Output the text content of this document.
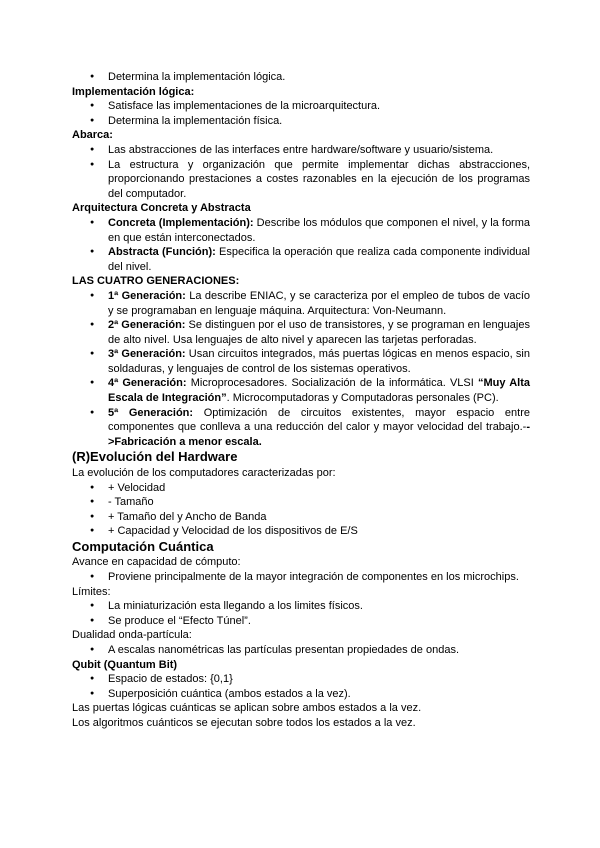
● Determina la implementación lógica.
Implementación lógica:
● Satisface las implementaciones de la microarquitectura.
● Determina la implementación física.
Abarca:
● Las abstracciones de las interfaces entre hardware/software y usuario/sistema.
● La estructura y organización que permite implementar dichas abstracciones, proporcionando prestaciones a costes razonables en la ejecución de los programas del computador.
Arquitectura Concreta y Abstracta
● Concreta (Implementación): Describe los módulos que componen el nivel, y la forma en que están interconectados.
● Abstracta (Función): Especifica la operación que realiza cada componente individual del nivel.
LAS CUATRO GENERACIONES:
● 1ª Generación: La describe ENIAC, y se caracteriza por el empleo de tubos de vacío y se programaban en lenguaje máquina. Arquitectura: Von-Neumann.
● 2ª Generación: Se distinguen por el uso de transistores, y se programan en lenguajes de alto nivel. Usa lenguajes de alto nivel y aparecen las tarjetas perforadas.
● 3ª Generación: Usan circuitos integrados, más puertas lógicas en menos espacio, sin soldaduras, y lenguajes de control de los sistemas operativos.
● 4ª Generación: Microprocesadores. Socialización de la informática. VLSI “Muy Alta Escala de Integración”. Microcomputadoras y Computadoras personales (PC).
● 5ª Generación: Optimización de circuitos existentes, mayor espacio entre componentes que conlleva a una reducción del calor y mayor velocidad del trabajo.-->Fabricación a menor escala.
(R)Evolución del Hardware
La evolución de los computadores caracterizadas por:
● + Velocidad
● - Tamaño
● + Tamaño del y Ancho de Banda
● + Capacidad y Velocidad de los dispositivos de E/S
Computación Cuántica
Avance en capacidad de cómputo:
● Proviene principalmente de la mayor integración de componentes en los microchips.
Límites:
● La miniaturización esta llegando a los limites físicos.
● Se produce el “Efecto Túnel”.
Dualidad onda-partícula:
● A escalas nanométricas las partículas presentan propiedades de ondas.
Qubit (Quantum Bit)
● Espacio de estados: {0,1}
● Superposición cuántica (ambos estados a la vez).
Las puertas lógicas cuánticas se aplican sobre ambos estados a la vez.
Los algoritmos cuánticos se ejecutan sobre todos los estados a la vez.
